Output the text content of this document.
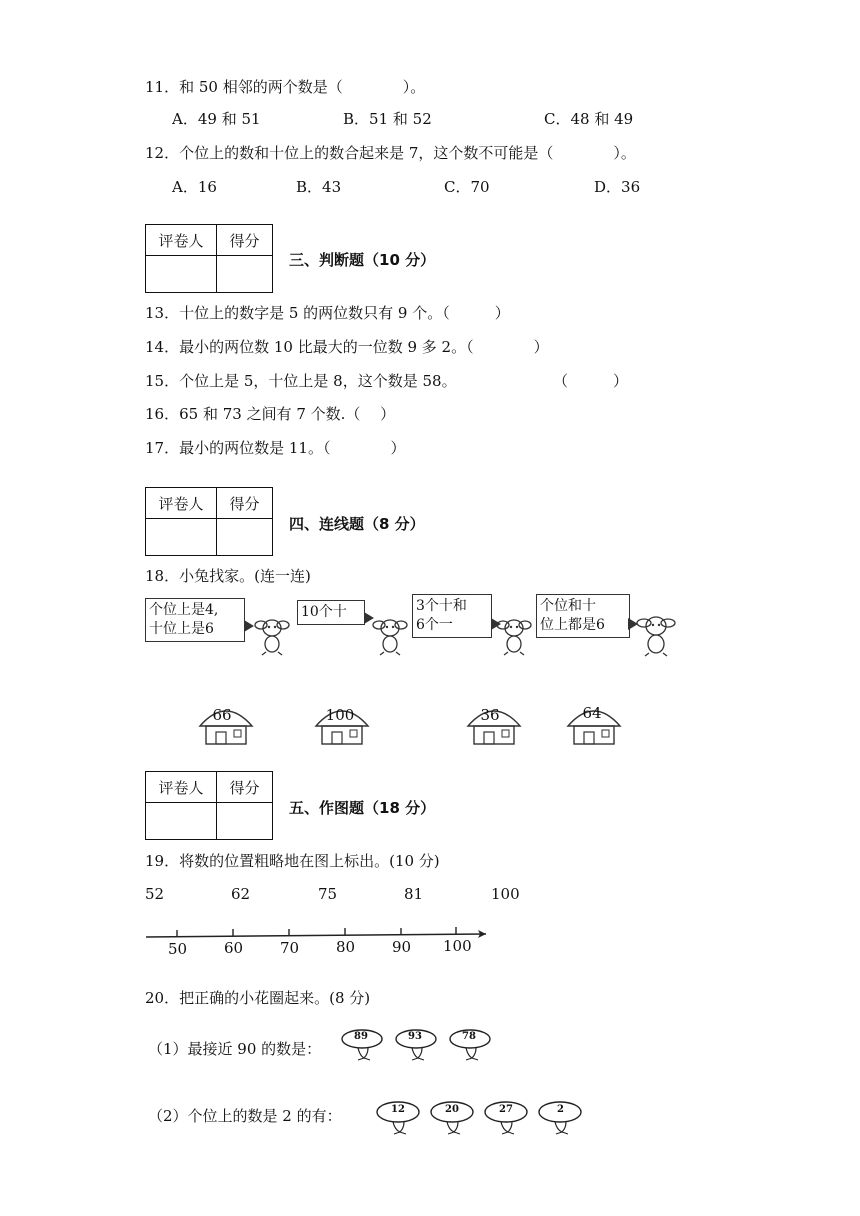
11．和 50 相邻的两个数是（　　　　）。
A．49 和 51	B．51 和 52	C．48 和 49
12．个位上的数和十位上的数合起来是 7，这个数不可能是（　　　　）。
A．16	B．43	C．70	D．36
评卷人	得分

三、判断题（10 分）
13．十位上的数字是 5 的两位数只有 9 个。（　　　）
14．最小的两位数 10 比最大的一位数 9 多 2。（　　　　）
15．个位上是 5，十位上是 8，这个数是 58。	（　　　）
16．65 和 73 之间有 7 个数.（　 ）
17．最小的两位数是 11。（　　　　）
评卷人	得分

四、连线题（8 分）
18．小兔找家。(连一连)
个位上是4,
十位上是6
10个十	3个十和
6个一
个位和十
位上都是6
66	100	36	64
评卷人	得分

五、作图题（18 分）
19．将数的位置粗略地在图上标出。(10 分)
52	62	75	81	100
50 60 70 80 90 100
20．把正确的小花圈起来。(8 分)
（1）最接近 90 的数是：
89	93	78
（2）个位上的数是 2 的有：	12	20	27	2
